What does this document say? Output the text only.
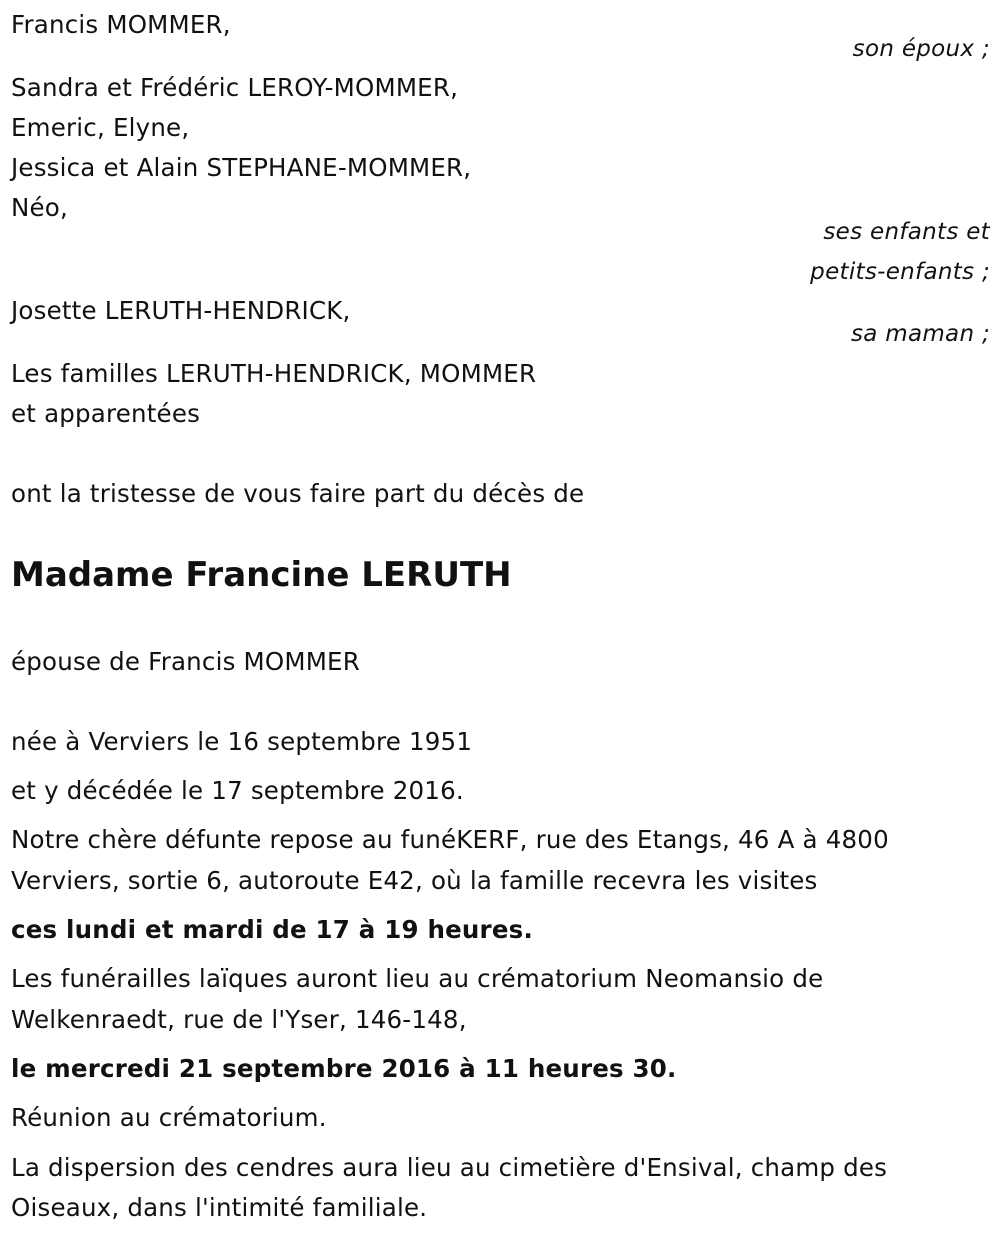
Francis MOMMER,
son époux ;
Sandra et Frédéric LEROY-MOMMER,
Emeric, Elyne,
Jessica et Alain STEPHANE-MOMMER,
Néo,
ses enfants et
petits-enfants ;
Josette LERUTH-HENDRICK,
sa maman ;
Les familles LERUTH-HENDRICK, MOMMER
et apparentées
ont la tristesse de vous faire part du décès de
Madame Francine LERUTH
épouse de Francis MOMMER
née à Verviers le 16 septembre 1951
et y décédée le 17 septembre 2016.
Notre chère défunte repose au funéKERF, rue des Etangs, 46 A à 4800
Verviers, sortie 6, autoroute E42, où la famille recevra les visites
ces lundi et mardi de 17 à 19 heures.
Les funérailles laïques auront lieu au crématorium Neomansio de
Welkenraedt, rue de l'Yser, 146-148,
le mercredi 21 septembre 2016 à 11 heures 30.
Réunion au crématorium.
La dispersion des cendres aura lieu au cimetière d'Ensival, champ des
Oiseaux, dans l'intimité familiale.
